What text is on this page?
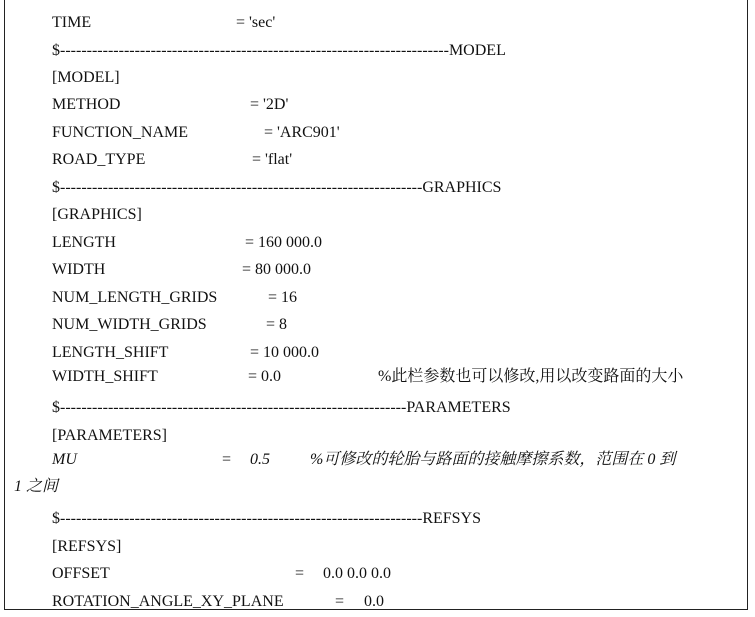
TIME	= 'sec'
$-------------------------------------------------------------------------MODEL
[MODEL]
METHOD	= '2D'
FUNCTION_NAME	= 'ARC901'
ROAD_TYPE	= 'flat'
$--------------------------------------------------------------------GRAPHICS
[GRAPHICS]
LENGTH	= 160 000.0
WIDTH	= 80 000.0
NUM_LENGTH_GRIDS	= 16
NUM_WIDTH_GRIDS	= 8
LENGTH_SHIFT	= 10 000.0
WIDTH_SHIFT	= 0.0	%此栏参数也可以修改,用以改变路面的大小
$-----------------------------------------------------------------PARAMETERS
[PARAMETERS]
MU	= 0.5	%可修改的轮胎与路面的接触摩擦系数，范围在 0 到
1 之间
$--------------------------------------------------------------------REFSYS
[REFSYS]
OFFSET	= 0.0 0.0 0.0
ROTATION_ANGLE_XY_PLANE	= 0.0
